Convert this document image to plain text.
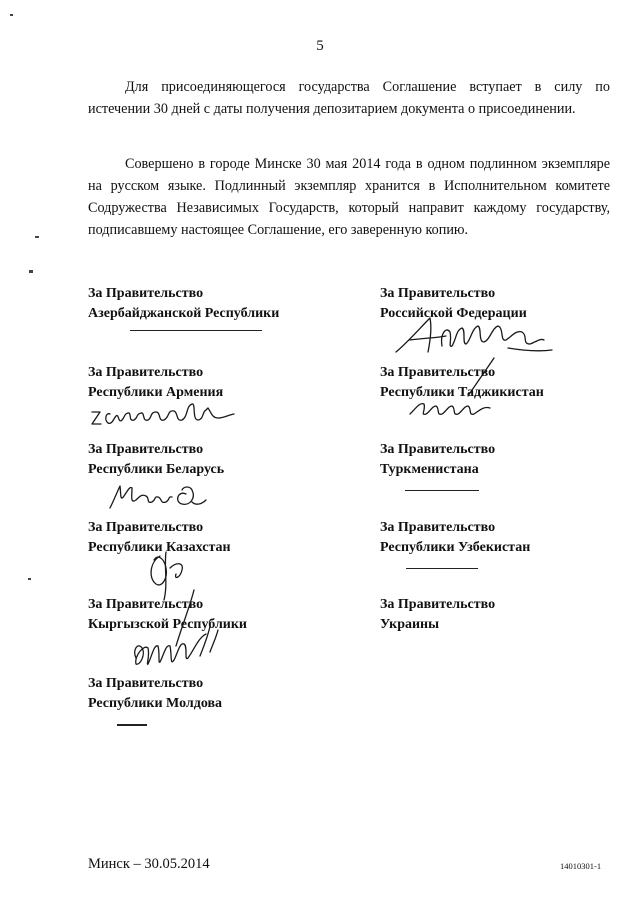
5
Для присоединяющегося государства Соглашение вступает в силу по истечении 30 дней с даты получения депозитарием документа о присоединении.
Совершено в городе Минске 30 мая 2014 года в одном подлинном экземпляре на русском языке. Подлинный экземпляр хранится в Исполнительном комитете Содружества Независимых Государств, который направит каждому государству, подписавшему настоящее Соглашение, его заверенную копию.
За Правительство
Азербайджанской Республики
За Правительство
Республики Армения
За Правительство
Республики Беларусь
За Правительство
Республики Казахстан
За Правительство
Кыргызской Республики
За Правительство
Республики Молдова
За Правительство
Российской Федерации
За Правительство
Республики Таджикистан
За Правительство
Туркменистана
За Правительство
Республики Узбекистан
За Правительство
Украины
Минск – 30.05.2014	14010301-1
